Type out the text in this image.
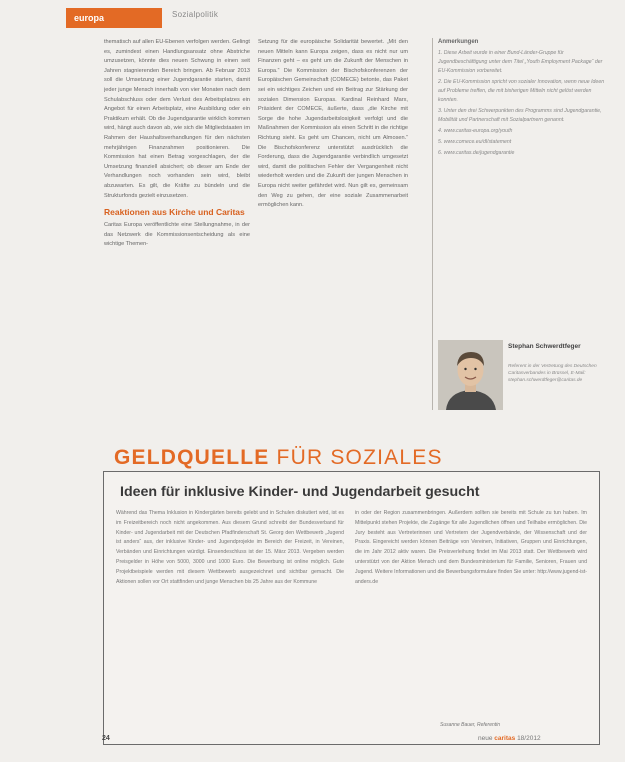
europa	Sozialpolitik

thematisch auf allen EU-Ebenen verfolgen werden. Gelingt es, zumindest einen Handlungsansatz ohne Abstriche umzusetzen, könnte dies neuen Schwung in einen seit Jahren stagnierenden Bereich bringen. Ab Februar 2013 soll die Umsetzung einer Jugendgarantie starten, damit jeder junge Mensch innerhalb von vier Monaten nach dem Schulabschluss oder dem Verlust des Arbeitsplatzes ein Angebot für einen Arbeitsplatz, eine Ausbildung oder ein Praktikum erhält. Ob die Jugendgarantie wirklich kommen wird, hängt auch davon ab, wie sich die Mitgliedstaaten im Rahmen der Haushaltsverhandlungen für den nächsten mehrjährigen Finanzrahmen positionieren. Die Kommission hat einen Betrag vorgeschlagen, der die Umsetzung finanziell absichert; ob dieser am Ende der Verhandlungen noch vorhanden sein wird, bleibt abzuwarten. Es gilt, die Kräfte zu bündeln und die Strukturfonds gezielt einzusetzen.

Reaktionen aus Kirche und Caritas

Caritas Europa veröffentlichte eine Stellungnahme, in der das Netzwerk die Kommissionsentscheidung als eine wichtige Themen-

Setzung für die europäische Solidarität bewertet. „Mit den neuen Mitteln kann Europa zeigen, dass es nicht nur um Finanzen geht – es geht um die Zukunft der Menschen in Europa.“ Die Kommission der Bischofskonferenzen der Europäischen Gemeinschaft (COMECE) betonte, das Paket sei ein wichtiges Zeichen und ein Beitrag zur Stärkung der sozialen Dimension Europas. Kardinal Reinhard Marx, Präsident der COMECE, äußerte, dass „die Kirche mit Sorge die hohe Jugendarbeitslosigkeit verfolgt und die Maßnahmen der Kommission als einen Schritt in die richtige Richtung sieht. Es geht um Chancen, nicht um Almosen.“ Die Bischofskonferenz unterstützt ausdrücklich die Forderung, dass die Jugendgarantie verbindlich umgesetzt wird, damit die politischen Fehler der Vergangenheit nicht wiederholt werden und die Zukunft der jungen Menschen in Europa nicht weiter gefährdet wird. Nun gilt es, gemeinsam den Weg zu gehen, der eine soziale Zusammenarbeit ermöglichen kann.

Anmerkungen

1. Diese Arbeit wurde in einer Bund-Länder-Gruppe für Jugendbeschäftigung unter dem Titel „Youth Employment Package“ der EU-Kommission vorbereitet.

2. Die EU-Kommission spricht von sozialer Innovation, wenn neue Ideen auf Probleme treffen, die mit bisherigen Mitteln nicht gelöst werden konnten.

3. Unter den drei Schwerpunkten des Programms sind Jugendgarantie, Mobilität und Partnerschaft mit Sozialpartnern genannt.

4. www.caritas-europa.org/youth

5. www.comece.eu/dl/statement

6. www.caritas.de/jugendgarantie

Stephan Schwerdtfeger
Referent in der Vertretung des Deutschen Caritasverbandes in Brüssel, E-Mail: stephan.schwerdtfeger@caritas.de
GELDQUELLE FÜR SOZIALES
Ideen für inklusive Kinder- und Jugendarbeit gesucht

Während das Thema Inklusion in Kindergärten bereits gelebt und in Schulen diskutiert wird, ist es im Freizeitbereich noch nicht angekommen. Aus diesem Grund schreibt der Bundesverband für Kinder- und Jugendarbeit mit der Deutschen Pfadfinderschaft St. Georg den Wettbewerb „Jugend ist anders“ aus, der inklusive Kinder- und Jugendprojekte im Bereich der Freizeit, in Vereinen, Verbänden und Einrichtungen würdigt. Einsendeschluss ist der 15. März 2013. Vergeben werden Preisgelder in Höhe von 5000, 3000 und 1000 Euro. Die Bewerbung ist online möglich. Gute Projektbeispiele werden mit diesem Wettbewerb ausgezeichnet und sichtbar gemacht. Die Aktionen sollen vor Ort stattfinden und junge Menschen bis 25 Jahre aus der Kommune

in oder der Region zusammenbringen. Außerdem sollten sie bereits mit Schule zu tun haben. Im Mittelpunkt stehen Projekte, die Zugänge für alle Jugendlichen öffnen und Teilhabe ermöglichen. Die Jury besteht aus Vertreterinnen und Vertretern der Jugendverbände, der Wissenschaft und der Praxis. Eingereicht werden können Beiträge von Vereinen, Initiativen, Gruppen und Einrichtungen, die im Jahr 2012 aktiv waren. Die Preisverleihung findet im Mai 2013 statt. Der Wettbewerb wird unterstützt von der Aktion Mensch und dem Bundesministerium für Familie, Senioren, Frauen und Jugend. Weitere Informationen und die Bewerbungsformulare finden Sie unter: http://www.jugend-ist-anders.de

Susanne Bauer, Referentin
24	neue caritas 18/2012
